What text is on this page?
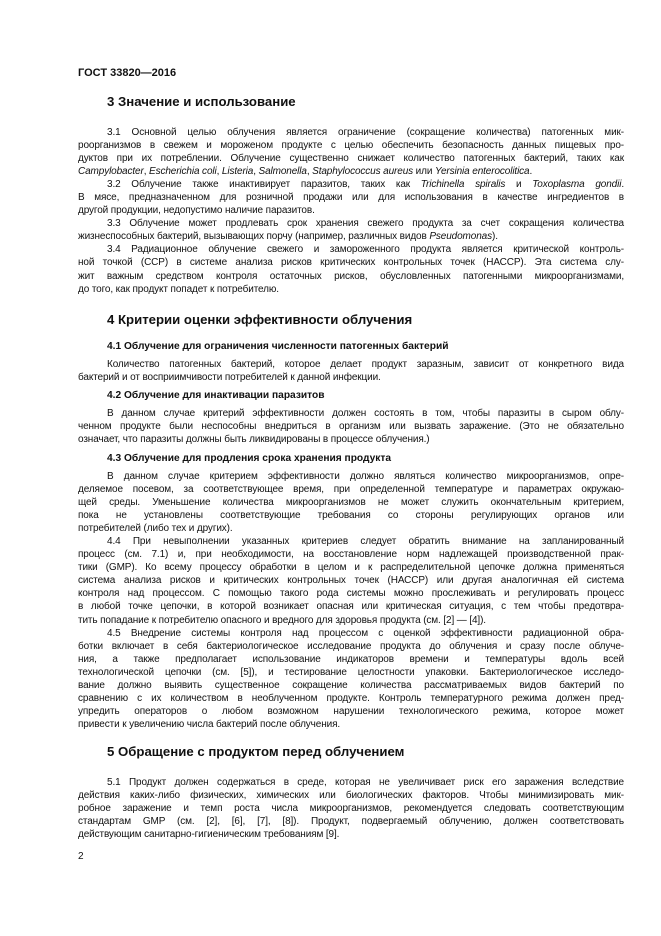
ГОСТ 33820—2016
3 Значение и использование
3.1 Основной целью облучения является ограничение (сокращение количества) патогенных мик-
роорганизмов в свежем и мороженом продукте с целью обеспечить безопасность данных пищевых про-
дуктов при их потреблении. Облучение существенно снижает количество патогенных бактерий, таких как
Campylobacter, Escherichia coli, Listeria, Salmonella, Staphylococcus aureus или Yersinia enterocolitica.
3.2 Облучение также инактивирует паразитов, таких как Trichinella spiralis и Toxoplasma gondii.
В мясе, предназначенном для розничной продажи или для использования в качестве ингредиентов в
другой продукции, недопустимо наличие паразитов.
3.3 Облучение может продлевать срок хранения свежего продукта за счет сокращения количества
жизнеспособных бактерий, вызывающих порчу (например, различных видов Pseudomonas).
3.4 Радиационное облучение свежего и замороженного продукта является критической контроль-
ной точкой (ССР) в системе анализа рисков критических контрольных точек (НАССР). Эта система слу-
жит важным средством контроля остаточных рисков, обусловленных патогенными микроорганизмами,
до того, как продукт попадет к потребителю.
4 Критерии оценки эффективности облучения
4.1 Облучение для ограничения численности патогенных бактерий
Количество патогенных бактерий, которое делает продукт заразным, зависит от конкретного вида
бактерий и от восприимчивости потребителей к данной инфекции.
4.2 Облучение для инактивации паразитов
В данном случае критерий эффективности должен состоять в том, чтобы паразиты в сыром облу-
ченном продукте были неспособны внедриться в организм или вызвать заражение. (Это не обязательно
означает, что паразиты должны быть ликвидированы в процессе облучения.)
4.3 Облучение для продления срока хранения продукта
В данном случае критерием эффективности должно являться количество микроорганизмов, опре-
деляемое посевом, за соответствующее время, при определенной температуре и параметрах окружаю-
щей среды. Уменьшение количества микроорганизмов не может служить окончательным критерием,
пока не установлены соответствующие требования со стороны регулирующих органов или
потребителей (либо тех и других).
4.4 При невыполнении указанных критериев следует обратить внимание на запланированный
процесс (см. 7.1) и, при необходимости, на восстановление норм надлежащей производственной прак-
тики (GMP). Ко всему процессу обработки в целом и к распределительной цепочке должна применяться
система анализа рисков и критических контрольных точек (НАССР) или другая аналогичная ей система
контроля над процессом. С помощью такого рода системы можно прослеживать и регулировать процесс
в любой точке цепочки, в которой возникает опасная или критическая ситуация, с тем чтобы предотвра-
тить попадание к потребителю опасного и вредного для здоровья продукта (см. [2] — [4]).
4.5 Внедрение системы контроля над процессом с оценкой эффективности радиационной обра-
ботки включает в себя бактериологическое исследование продукта до облучения и сразу после облуче-
ния, а также предполагает использование индикаторов времени и температуры вдоль всей
технологической цепочки (см. [5]), и тестирование целостности упаковки. Бактериологическое исследо-
вание должно выявить существенное сокращение количества рассматриваемых видов бактерий по
сравнению с их количеством в необлученном продукте. Контроль температурного режима должен пред-
упредить операторов о любом возможном нарушении технологического режима, которое может
привести к увеличению числа бактерий после облучения.
5 Обращение с продуктом перед облучением
5.1 Продукт должен содержаться в среде, которая не увеличивает риск его заражения вследствие
действия каких-либо физических, химических или биологических факторов. Чтобы минимизировать мик-
робное заражение и темп роста числа микроорганизмов, рекомендуется следовать соответствующим
стандартам GMP (см. [2], [6], [7], [8]). Продукт, подвергаемый облучению, должен соответствовать
действующим санитарно-гигиеническим требованиям [9].
2
